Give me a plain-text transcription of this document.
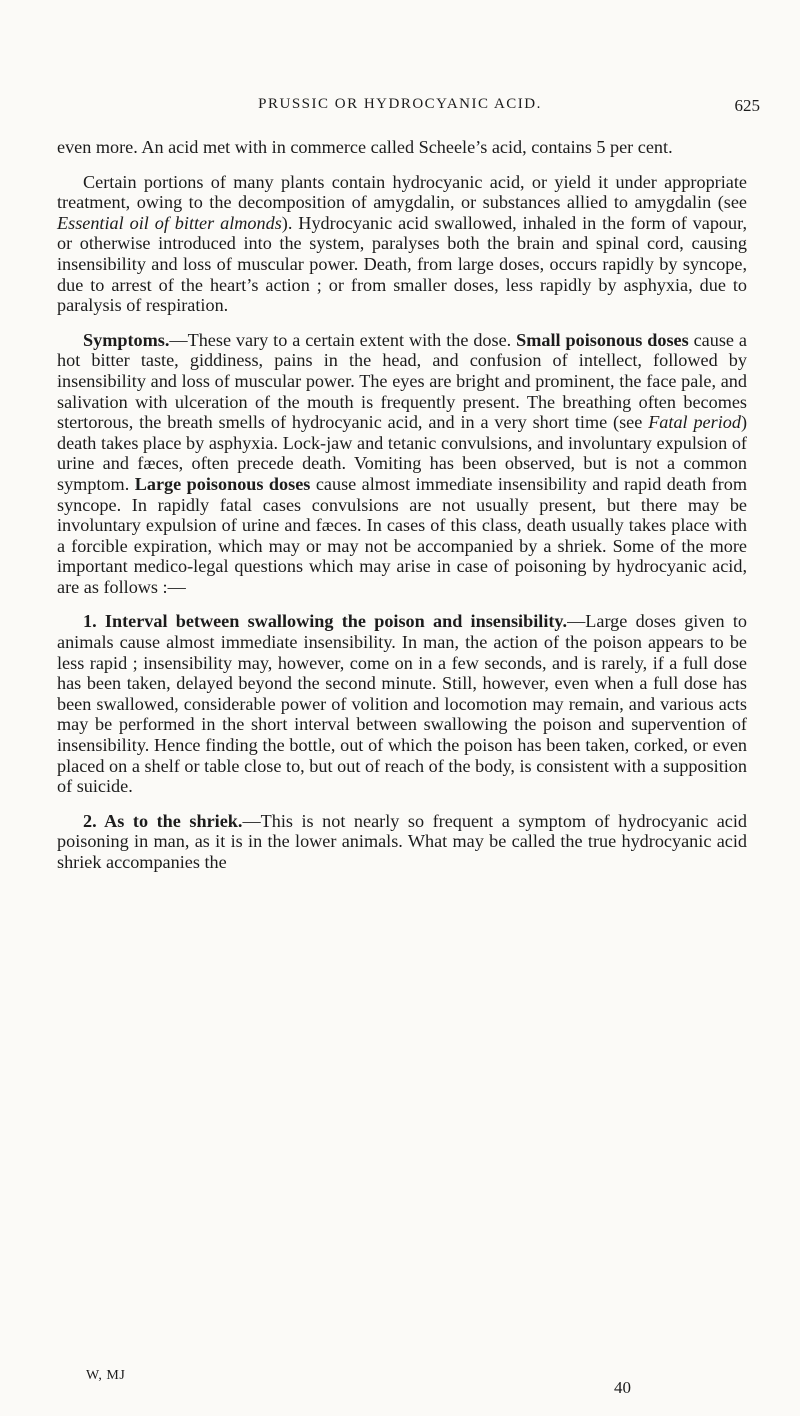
PRUSSIC OR HYDROCYANIC ACID.	625

even more. An acid met with in commerce called Scheele’s acid, contains 5 per cent.

Certain portions of many plants contain hydrocyanic acid, or yield it under appropriate treatment, owing to the decomposition of amygdalin, or substances allied to amygdalin (see Essential oil of bitter almonds). Hydrocyanic acid swallowed, inhaled in the form of vapour, or otherwise introduced into the system, paralyses both the brain and spinal cord, causing insensibility and loss of muscular power. Death, from large doses, occurs rapidly by syncope, due to arrest of the heart’s action ; or from smaller doses, less rapidly by asphyxia, due to paralysis of respiration.

Symptoms.—These vary to a certain extent with the dose. Small poisonous doses cause a hot bitter taste, giddiness, pains in the head, and confusion of intellect, followed by insensibility and loss of muscular power. The eyes are bright and prominent, the face pale, and salivation with ulceration of the mouth is frequently present. The breathing often becomes stertorous, the breath smells of hydrocyanic acid, and in a very short time (see Fatal period) death takes place by asphyxia. Lock-jaw and tetanic convulsions, and involuntary expulsion of urine and fæces, often precede death. Vomiting has been observed, but is not a common symptom. Large poisonous doses cause almost immediate insensibility and rapid death from syncope. In rapidly fatal cases convulsions are not usually present, but there may be involuntary expulsion of urine and fæces. In cases of this class, death usually takes place with a forcible expiration, which may or may not be accompanied by a shriek. Some of the more important medico-legal questions which may arise in case of poisoning by hydrocyanic acid, are as follows :—

1. Interval between swallowing the poison and insensibility.—Large doses given to animals cause almost immediate insensibility. In man, the action of the poison appears to be less rapid ; insensibility may, however, come on in a few seconds, and is rarely, if a full dose has been taken, delayed beyond the second minute. Still, however, even when a full dose has been swallowed, considerable power of volition and locomotion may remain, and various acts may be performed in the short interval between swallowing the poison and supervention of insensibility. Hence finding the bottle, out of which the poison has been taken, corked, or even placed on a shelf or table close to, but out of reach of the body, is consistent with a supposition of suicide.

2. As to the shriek.—This is not nearly so frequent a symptom of hydrocyanic acid poisoning in man, as it is in the lower animals. What may be called the true hydrocyanic acid shriek accompanies the

W, MJ
40
